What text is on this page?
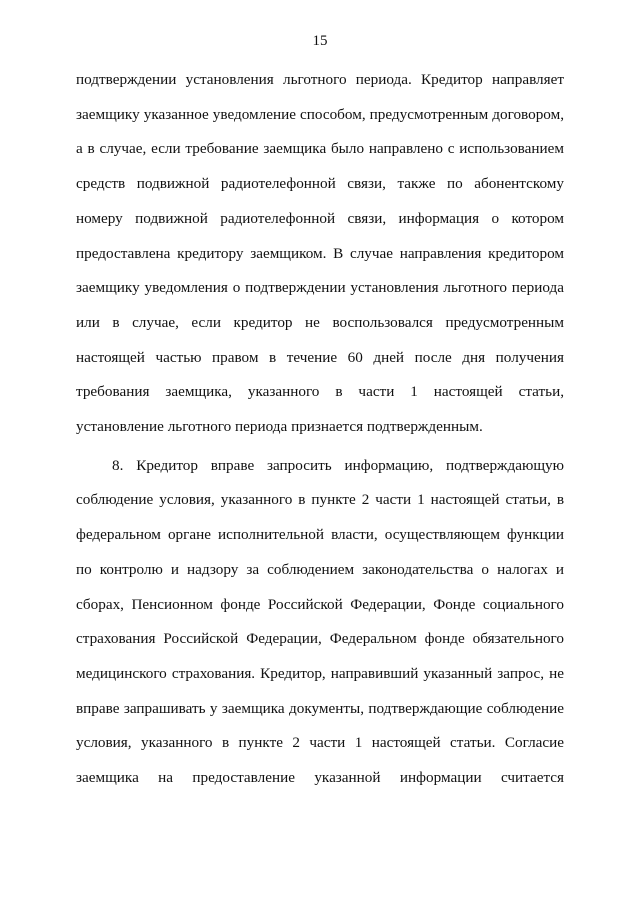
15

подтверждении установления льготного периода. Кредитор направляет заемщику указанное уведомление способом, предусмотренным договором, а в случае, если требование заемщика было направлено с использованием средств подвижной радиотелефонной связи, также по абонентскому номеру подвижной радиотелефонной связи, информация о котором предоставлена кредитору заемщиком. В случае направления кредитором заемщику уведомления о подтверждении установления льготного периода или в случае, если кредитор не воспользовался предусмотренным настоящей частью правом в течение 60 дней после дня получения требования заемщика, указанного в части 1 настоящей статьи, установление льготного периода признается подтвержденным.

8. Кредитор вправе запросить информацию, подтверждающую соблюдение условия, указанного в пункте 2 части 1 настоящей статьи, в федеральном органе исполнительной власти, осуществляющем функции по контролю и надзору за соблюдением законодательства о налогах и сборах, Пенсионном фонде Российской Федерации, Фонде социального страхования Российской Федерации, Федеральном фонде обязательного медицинского страхования. Кредитор, направивший указанный запрос, не вправе запрашивать у заемщика документы, подтверждающие соблюдение условия, указанного в пункте 2 части 1 настоящей статьи. Согласие заемщика на предоставление указанной информации считается
